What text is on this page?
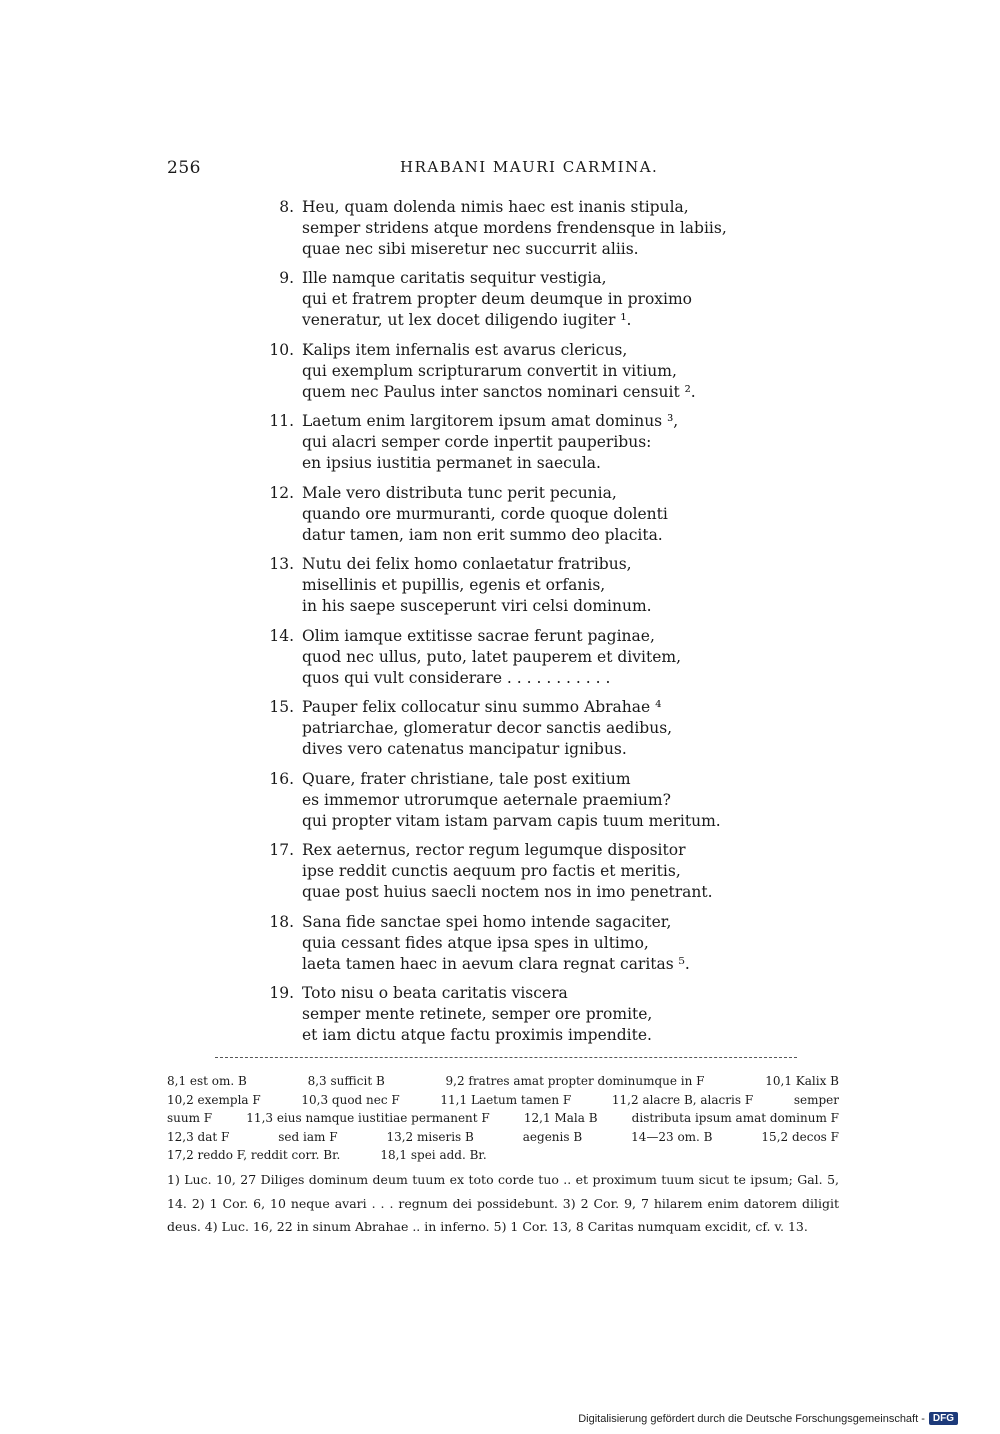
256	HRABANI MAURI CARMINA.
8. Heu, quam dolenda nimis haec est inanis stipula,
semper stridens atque mordens frendensque in labiis,
quae nec sibi miseretur nec succurrit aliis.
9. Ille namque caritatis sequitur vestigia,
qui et fratrem propter deum deumque in proximo
veneratur, ut lex docet diligendo iugiter ¹.
10. Kalips item infernalis est avarus clericus,
qui exemplum scripturarum convertit in vitium,
quem nec Paulus inter sanctos nominari censuit ².
11. Laetum enim largitorem ipsum amat dominus ³,
qui alacri semper corde inpertit pauperibus:
en ipsius iustitia permanet in saecula.
12. Male vero distributa tunc perit pecunia,
quando ore murmuranti, corde quoque dolenti
datur tamen, iam non erit summo deo placita.
13. Nutu dei felix homo conlaetatur fratribus,
misellinis et pupillis, egenis et orfanis,
in his saepe susceperunt viri celsi dominum.
14. Olim iamque extitisse sacrae ferunt paginae,
quod nec ullus, puto, latet pauperem et divitem,
quos qui vult considerare . . . . . . . . . . .
15. Pauper felix collocatur sinu summo Abrahae ⁴
patriarchae, glomeratur decor sanctis aedibus,
dives vero catenatus mancipatur ignibus.
16. Quare, frater christiane, tale post exitium
es immemor utrorumque aeternale praemium?
qui propter vitam istam parvam capis tuum meritum.
17. Rex aeternus, rector regum legumque dispositor
ipse reddit cunctis aequum pro factis et meritis,
quae post huius saecli noctem nos in imo penetrant.
18. Sana fide sanctae spei homo intende sagaciter,
quia cessant fides atque ipsa spes in ultimo,
laeta tamen haec in aevum clara regnat caritas ⁵.
19. Toto nisu o beata caritatis viscera
semper mente retinete, semper ore promite,
et iam dictu atque factu proximis impendite.
8,1 est om. B	8,3 sufficit B	9,2 fratres amat propter dominumque in F	10,1 Kalix B
10,2 exempla F	10,3 quod nec F	11,1 Laetum tamen F	11,2 alacre B, alacris F	semper
suum F	11,3 eius namque iustitiae permanent F	12,1 Mala B	distributa ipsum amat dominum F
12,3 dat F	sed iam F	13,2 miseris B	aegenis B	14—23 om. B	15,2 decos F
17,2 reddo F, reddit corr. Br.	18,1 spei add. Br.
1) Luc. 10, 27 Diliges dominum deum tuum ex toto corde tuo .. et proximum tuum sicut te ipsum; Gal. 5, 14. 2) 1 Cor. 6, 10 neque avari . . . regnum dei possidebunt. 3) 2 Cor. 9, 7 hilarem enim datorem diligit deus. 4) Luc. 16, 22 in sinum Abrahae .. in inferno. 5) 1 Cor. 13, 8 Caritas numquam excidit, cf. v. 13.
Digitalisierung gefördert durch die Deutsche Forschungsgemeinschaft - DFG
